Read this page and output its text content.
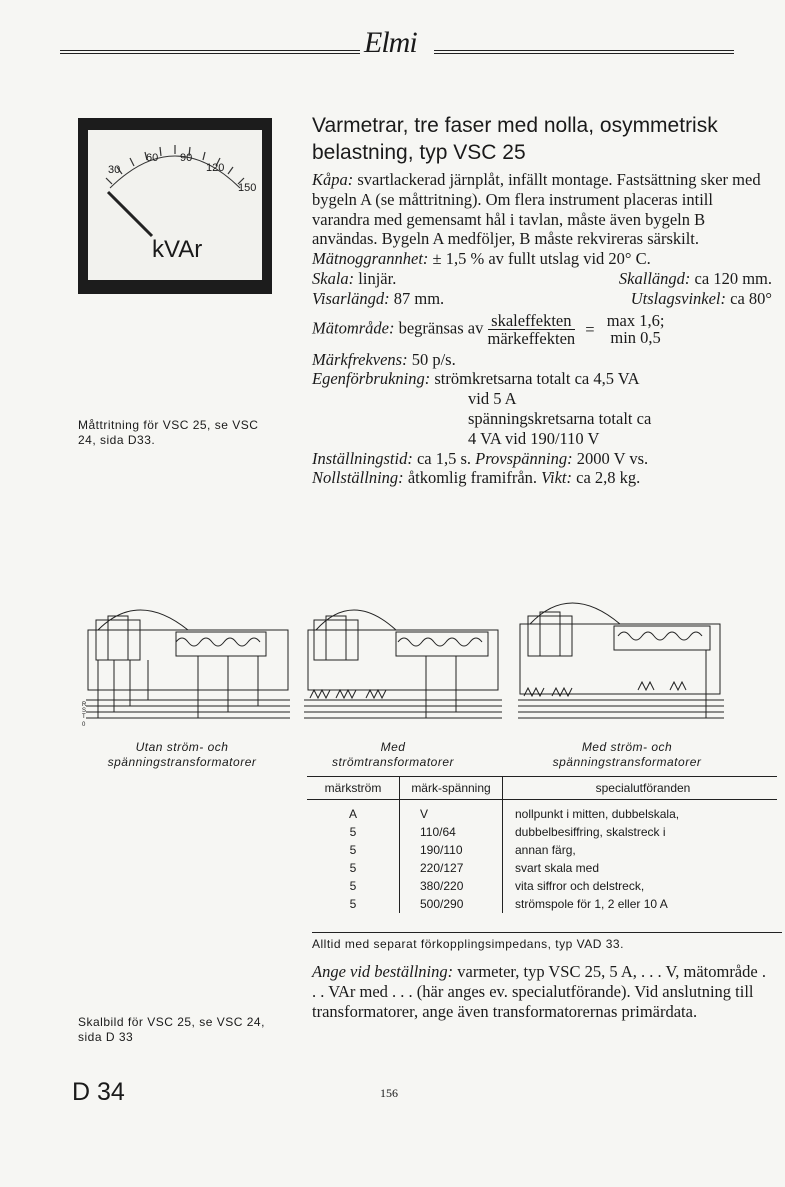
Elmi
30
60 90
120
150
kVAr
Måttritning för VSC 25, se VSC 24, sida D33.
Skalbild för VSC 25, se VSC 24, sida D 33
Varmetrar, tre faser med nolla, osymmetrisk belastning, typ VSC 25

Kåpa: svartlackerad järnplåt, infällt montage. Fastsättning sker med bygeln A (se måttritning). Om flera instrument placeras intill varandra med gemensamt hål i tavlan, måste även bygeln B användas. Bygeln A medföljer, B måste rekvireras särskilt.

Mätnoggrannhet: ± 1,5 % av fullt utslag vid 20° C.

Skala: linjär.	Skallängd: ca 120 mm.
Visarlängd: 87 mm.	Utslagsvinkel: ca 80°
Mätområde: begränsas av $\frac{\text{skaleffekten}}{\text{märkeffekten}}$
=
max 1,6;
min 0,5

Märkfrekvens: 50 p/s.

Egenförbrukning: strömkretsarna totalt ca 4,5 VA

vid 5 A

spänningskretsarna totalt ca

4 VA vid 190/110 V

Inställningstid: ca 1,5 s. Provspänning: 2000 V vs.

Nollställning: åtkomlig framifrån. Vikt: ca 2,8 kg.

R
S
T
0
Utan ström- och spänningstransformatorer
Med strömtransformatorer
Med ström- och spänningstransformatorer
märkström	märk-spänning	specialutföranden
A	V	nollpunkt i mitten, dubbelskala,
5	110/64	dubbelbesiffring, skalstreck i
5	190/110	annan färg,
5	220/127	svart skala med
5	380/220	vita siffror och delstreck,
5	500/290	strömspole för 1, 2 eller 10 A
Alltid med separat förkopplingsimpedans, typ VAD 33.

Ange vid beställning: varmeter, typ VSC 25, 5 A, . . . V, mätområde . . . VAr med . . . (här anges ev. specialutförande). Vid anslutning till transformatorer, ange även transformatorernas primärdata.

D 34	156
